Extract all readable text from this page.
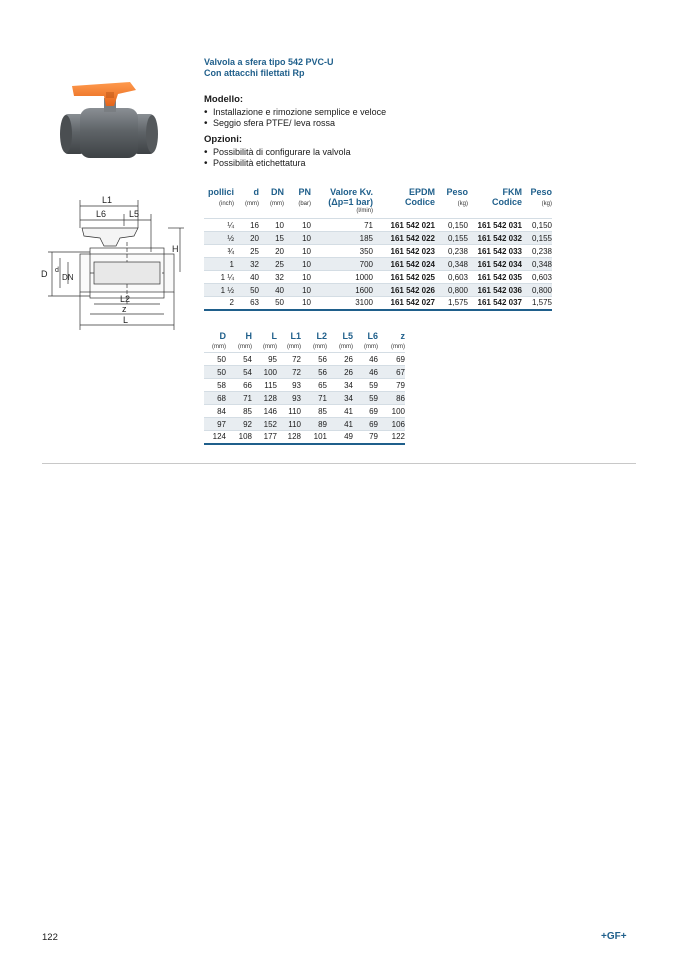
L1
L6	L5
H
D d
DN
L2
z
L
Valvola a sfera tipo 542 PVC-U
Con attacchi filettati Rp
Modello:
• Installazione e rimozione semplice e veloce
• Seggio sfera PTFE/ leva rossa
Opzioni:
• Possibilità di configurare la valvola
• Possibilità etichettatura
pollici	d	DN	PN	Valore Kv.	EPDM	Peso	FKM	Peso
(inch)	(mm)	(mm)	(bar)	(Δp=1 bar)	Codice	(kg)	Codice	(kg)
				(l/min)				
¼	16	10	10	71	161 542 021	0,150	161 542 031	0,150
½	20	15	10	185	161 542 022	0,155	161 542 032	0,155
¾	25	20	10	350	161 542 023	0,238	161 542 033	0,238
1	32	25	10	700	161 542 024	0,348	161 542 034	0,348
1 ¼	40	32	10	1000	161 542 025	0,603	161 542 035	0,603
1 ½	50	40	10	1600	161 542 026	0,800	161 542 036	0,800
2	63	50	10	3100	161 542 027	1,575	161 542 037	1,575
D	H	L	L1	L2	L5	L6	z
(mm)	(mm)	(mm)	(mm)	(mm)	(mm)	(mm)	(mm)
50	54	95	72	56	26	46	69
50	54	100	72	56	26	46	67
58	66	115	93	65	34	59	79
68	71	128	93	71	34	59	86
84	85	146	110	85	41	69	100
97	92	152	110	89	41	69	106
124	108	177	128	101	49	79	122
122	+GF+
